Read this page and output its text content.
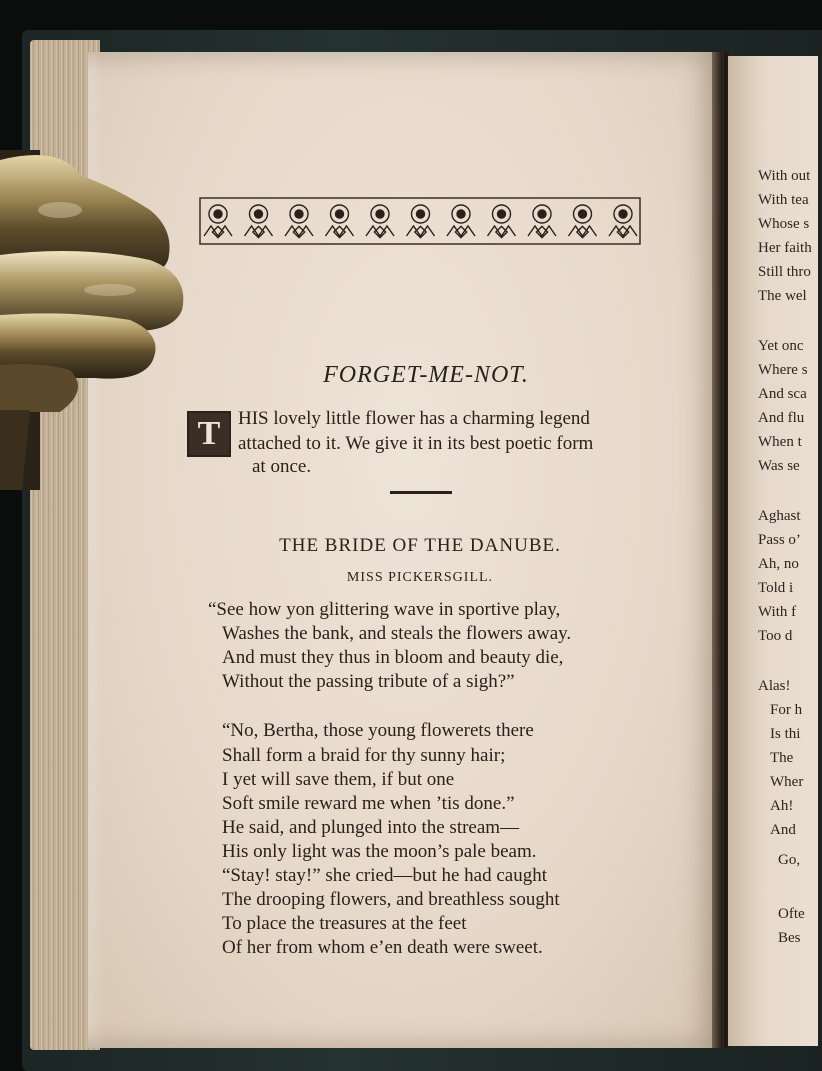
With out
With tea
Whose s
Her faith
Still thro
The wel
Yet onc
Where s
And sca
And flu
When t
Was se
Aghast
Pass o’
Ah, no
Told i
With f
Too d
Alas!
For h
Is thi
The
Wher
Ah!
And
Go,
Ofte
Bes
FORGET-ME-NOT.
T HIS lovely little flower has a charming legend
attached to it. We give it in its best poetic form
at once.
THE BRIDE OF THE DANUBE.
MISS PICKERSGILL.
“See how yon glittering wave in sportive play,
Washes the bank, and steals the flowers away.
And must they thus in bloom and beauty die,
Without the passing tribute of a sigh?”
“No, Bertha, those young flowerets there
Shall form a braid for thy sunny hair;
I yet will save them, if but one
Soft smile reward me when ’tis done.”
He said, and plunged into the stream—
His only light was the moon’s pale beam.
“Stay! stay!” she cried—but he had caught
The drooping flowers, and breathless sought
To place the treasures at the feet
Of her from whom e’en death were sweet.
